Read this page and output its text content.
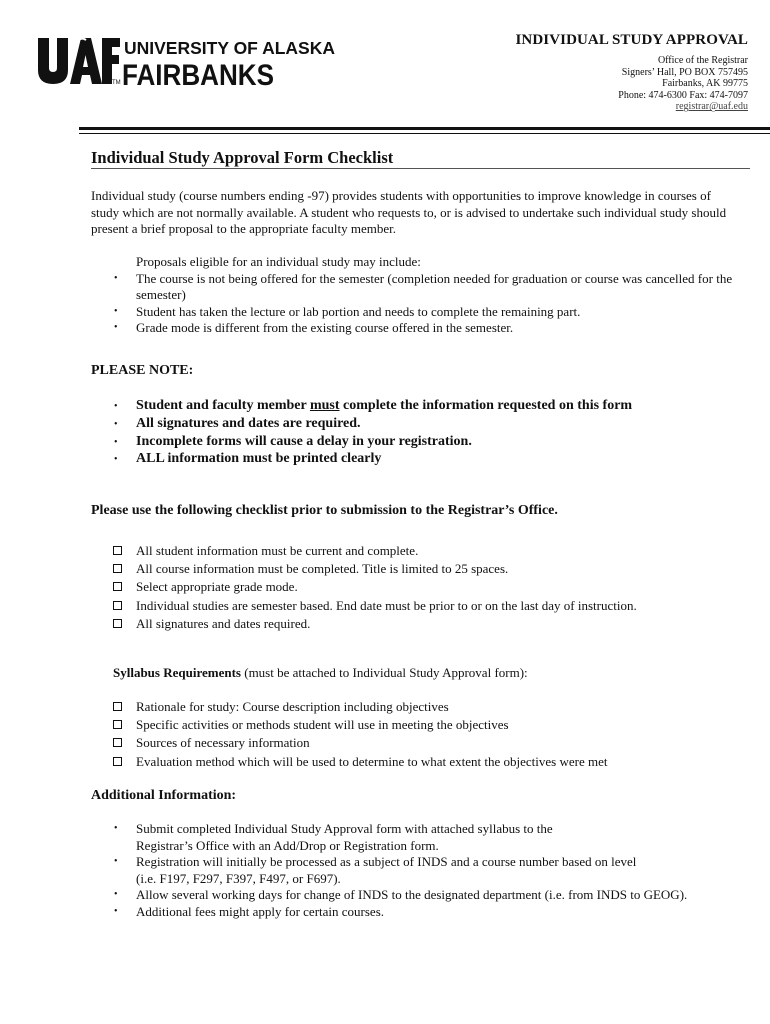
TM
UNIVERSITY OF ALASKA
FAIRBANKS
INDIVIDUAL STUDY APPROVAL
Office of the Registrar
Signers’ Hall, PO BOX 757495
Fairbanks, AK 99775
Phone: 474-6300 Fax: 474-7097
registrar@uaf.edu
Individual Study Approval Form Checklist
Individual study (course numbers ending -97) provides students with opportunities to improve knowledge in courses of study which are not normally available. A student who requests to, or is advised to undertake such individual study should present a brief proposal to the appropriate faculty member.
Proposals eligible for an individual study may include:
• The course is not being offered for the semester (completion needed for graduation or course was cancelled for the semester)
• Student has taken the lecture or lab portion and needs to complete the remaining part.
• Grade mode is different from the existing course offered in the semester.
PLEASE NOTE:
• Student and faculty member must complete the information requested on this form
• All signatures and dates are required.
• Incomplete forms will cause a delay in your registration.
• ALL information must be printed clearly
Please use the following checklist prior to submission to the Registrar’s Office.
All student information must be current and complete.
All course information must be completed. Title is limited to 25 spaces.
Select appropriate grade mode.
Individual studies are semester based. End date must be prior to or on the last day of instruction.
All signatures and dates required.
Syllabus Requirements (must be attached to Individual Study Approval form):
Rationale for study: Course description including objectives
Specific activities or methods student will use in meeting the objectives
Sources of necessary information
Evaluation method which will be used to determine to what extent the objectives were met
Additional Information:
• Submit completed Individual Study Approval form with attached syllabus to the Registrar’s Office with an Add/Drop or Registration form.
• Registration will initially be processed as a subject of INDS and a course number based on level (i.e. F197, F297, F397, F497, or F697).
• Allow several working days for change of INDS to the designated department (i.e. from INDS to GEOG).
• Additional fees might apply for certain courses.
